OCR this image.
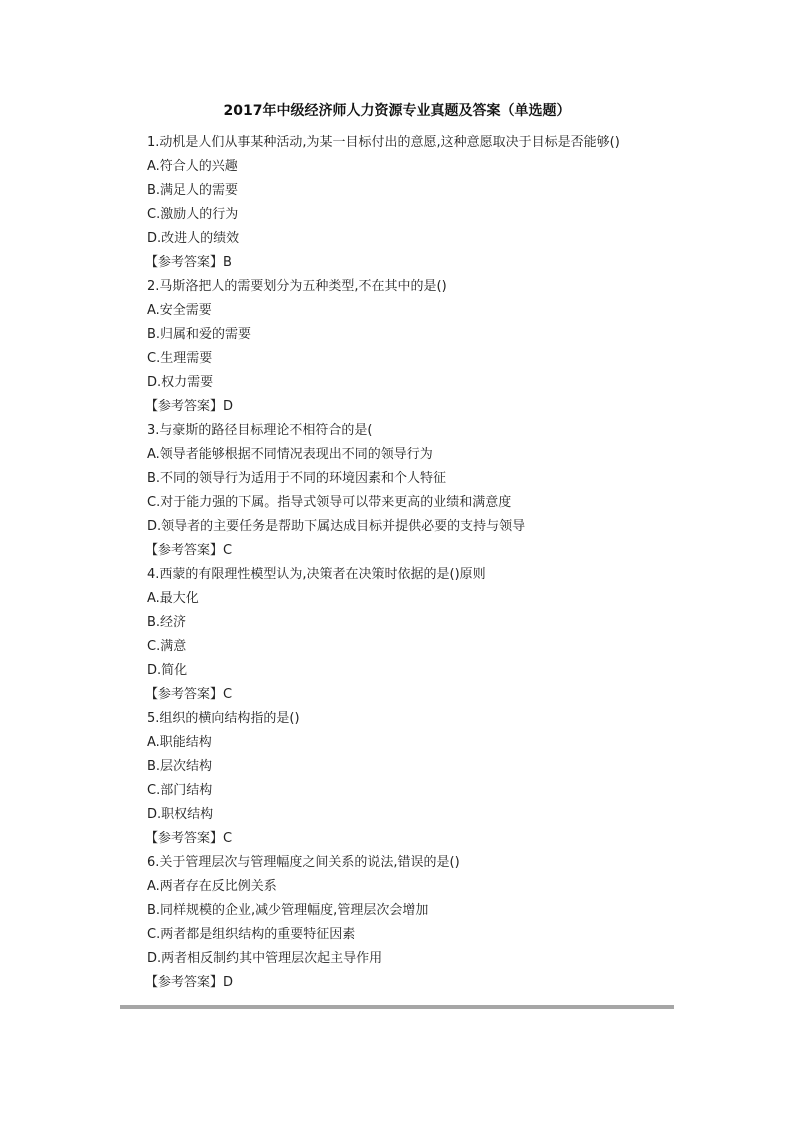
2017年中级经济师人力资源专业真题及答案（单选题）
1.动机是人们从事某种活动,为某一目标付出的意愿,这种意愿取决于目标是否能够()
A.符合人的兴趣
B.满足人的需要
C.激励人的行为
D.改进人的绩效
【参考答案】B
2.马斯洛把人的需要划分为五种类型,不在其中的是()
A.安全需要
B.归属和爱的需要
C.生理需要
D.权力需要
【参考答案】D
3.与豪斯的路径目标理论不相符合的是(
A.领导者能够根据不同情况表现出不同的领导行为
B.不同的领导行为适用于不同的环境因素和个人特征
C.对于能力强的下属。指导式领导可以带来更高的业绩和满意度
D.领导者的主要任务是帮助下属达成目标并提供必要的支持与领导
【参考答案】C
4.西蒙的有限理性模型认为,决策者在决策时依据的是()原则
A.最大化
B.经济
C.满意
D.简化
【参考答案】C
5.组织的横向结构指的是()
A.职能结构
B.层次结构
C.部门结构
D.职权结构
【参考答案】C
6.关于管理层次与管理幅度之间关系的说法,错误的是()
A.两者存在反比例关系
B.同样规模的企业,减少管理幅度,管理层次会增加
C.两者都是组织结构的重要特征因素
D.两者相反制约其中管理层次起主导作用
【参考答案】D
